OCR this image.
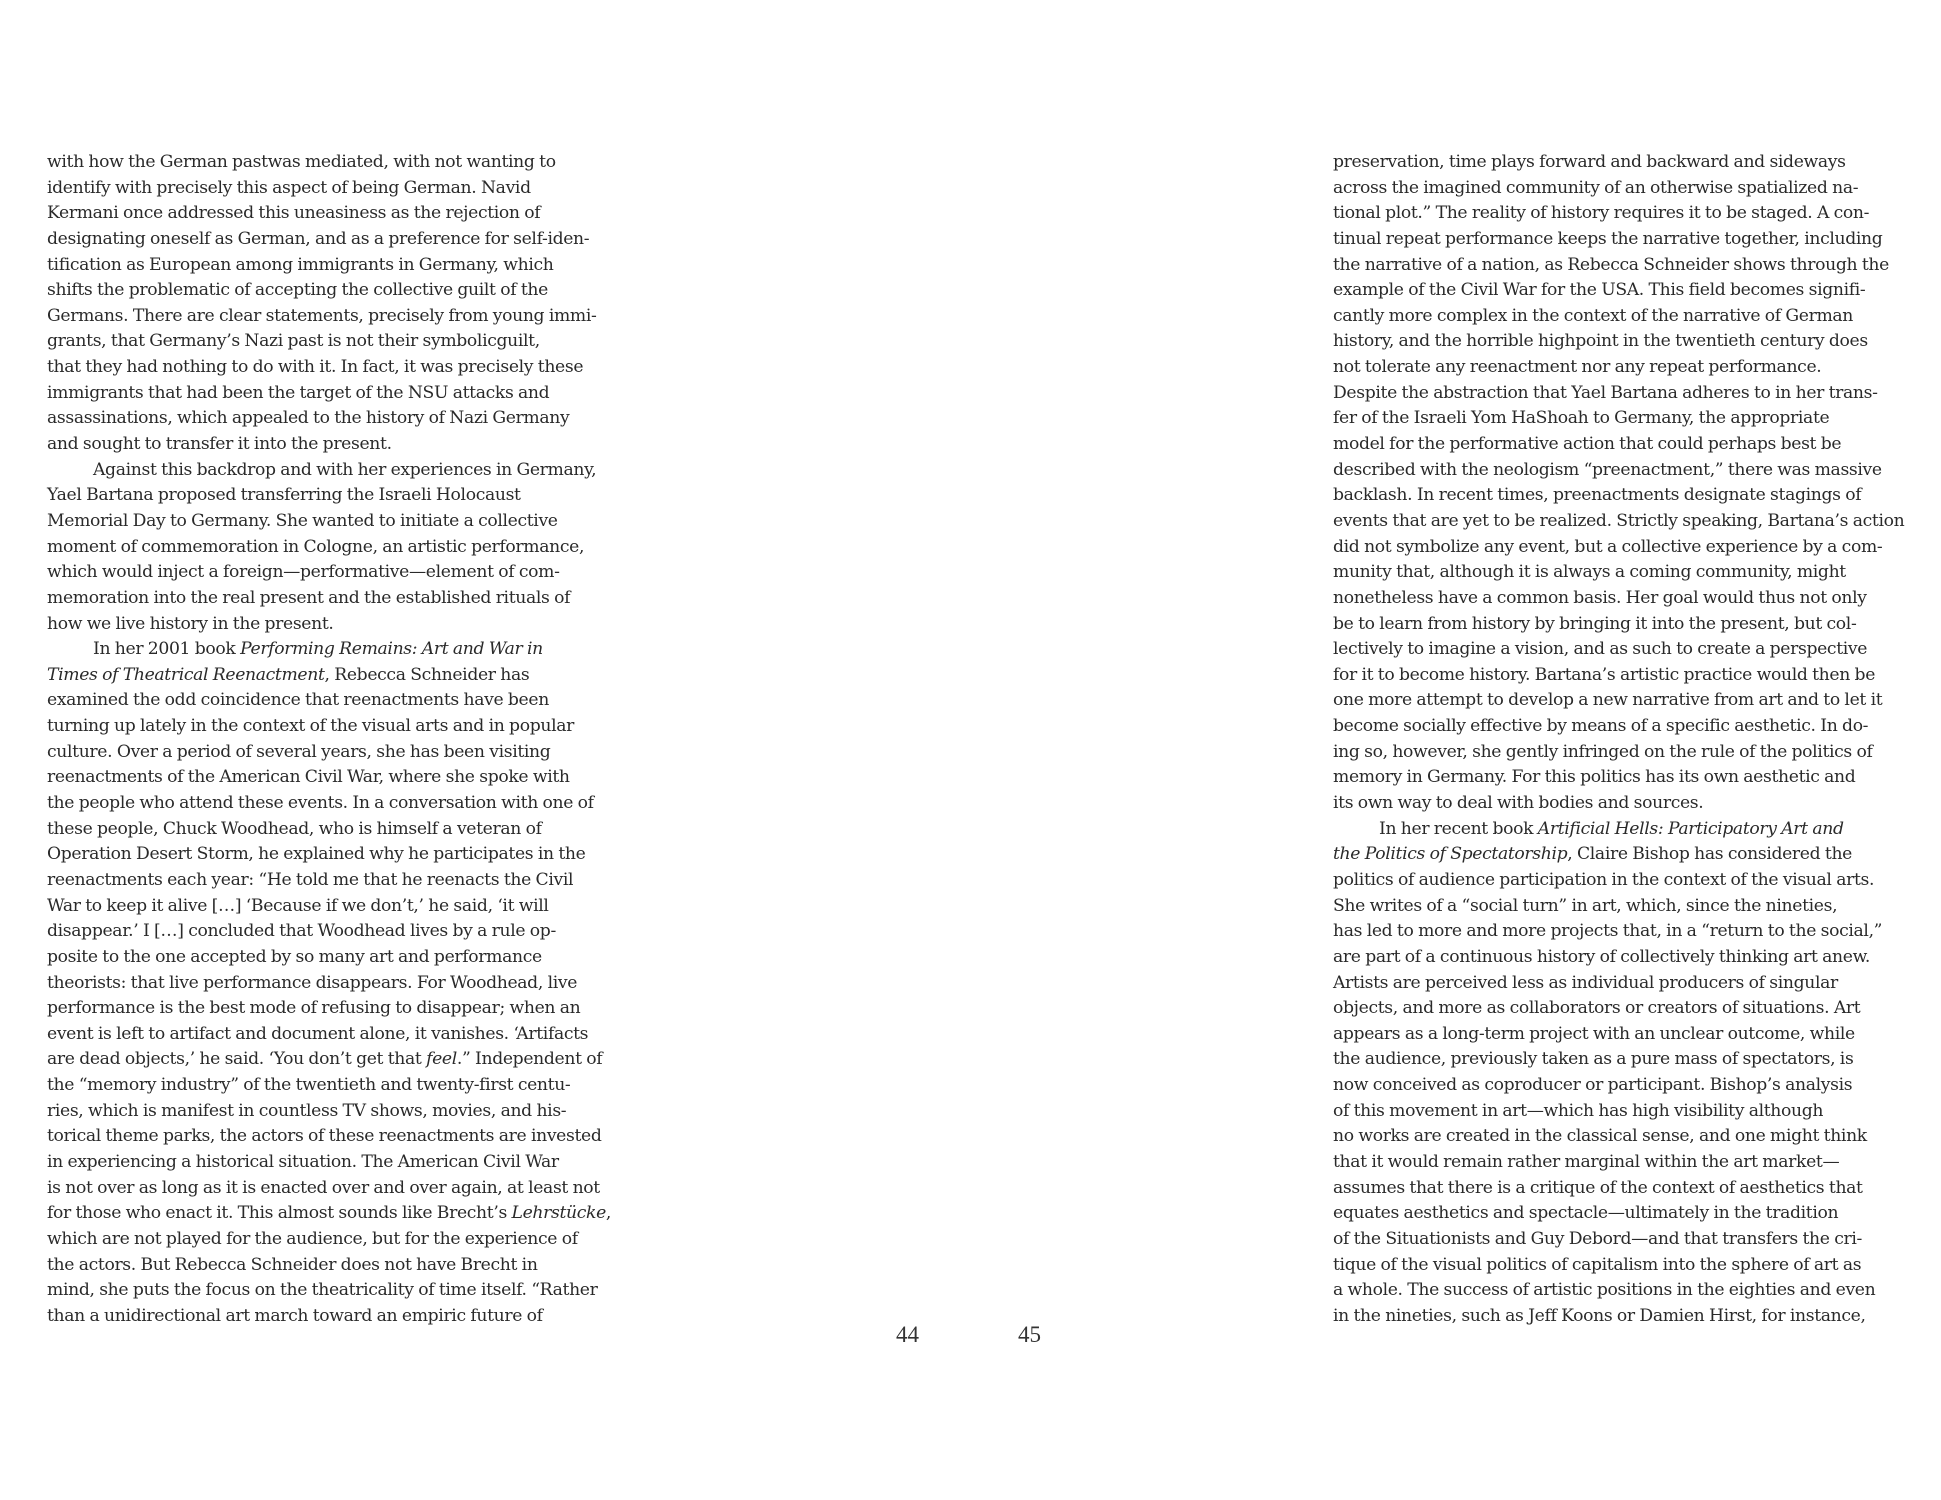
with how the German pastwas mediated, with not wanting to
identify with precisely this aspect of being German. Navid
Kermani once addressed this uneasiness as the rejection of
designating oneself as German, and as a preference for self-iden-
tification as European among immigrants in Germany, which
shifts the problematic of accepting the collective guilt of the
Germans. There are clear statements, precisely from young immi-
grants, that Germany’s Nazi past is not their symbolicguilt,
that they had nothing to do with it. In fact, it was precisely these
immigrants that had been the target of the NSU attacks and
assassinations, which appealed to the history of Nazi Germany
and sought to transfer it into the present.
Against this backdrop and with her experiences in Germany,
Yael Bartana proposed transferring the Israeli Holocaust
Memorial Day to Germany. She wanted to initiate a collective
moment of commemoration in Cologne, an artistic performance,
which would inject a foreign—performative—element of com-
memoration into the real present and the established rituals of
how we live history in the present.
In her 2001 book Performing Remains: Art and War in
Times of Theatrical Reenactment, Rebecca Schneider has
examined the odd coincidence that reenactments have been
turning up lately in the context of the visual arts and in popular
culture. Over a period of several years, she has been visiting
reenactments of the American Civil War, where she spoke with
the people who attend these events. In a conversation with one of
these people, Chuck Woodhead, who is himself a veteran of
Operation Desert Storm, he explained why he participates in the
reenactments each year: “He told me that he reenacts the Civil
War to keep it alive […] ‘Because if we don’t,’ he said, ‘it will
disappear.’ I […] concluded that Woodhead lives by a rule op-
posite to the one accepted by so many art and performance
theorists: that live performance disappears. For Woodhead, live
performance is the best mode of refusing to disappear; when an
event is left to artifact and document alone, it vanishes. ‘Artifacts
are dead objects,’ he said. ‘You don’t get that feel.” Independent of
the “memory industry” of the twentieth and twenty-first centu-
ries, which is manifest in countless TV shows, movies, and his-
torical theme parks, the actors of these reenactments are invested
in experiencing a historical situation. The American Civil War
is not over as long as it is enacted over and over again, at least not
for those who enact it. This almost sounds like Brecht’s Lehrstücke,
which are not played for the audience, but for the experience of
the actors. But Rebecca Schneider does not have Brecht in
mind, she puts the focus on the theatricality of time itself. “Rather
than a unidirectional art march toward an empiric future of
preservation, time plays forward and backward and sideways
across the imagined community of an otherwise spatialized na-
tional plot.” The reality of history requires it to be staged. A con-
tinual repeat performance keeps the narrative together, including
the narrative of a nation, as Rebecca Schneider shows through the
example of the Civil War for the USA. This field becomes signifi-
cantly more complex in the context of the narrative of German
history, and the horrible highpoint in the twentieth century does
not tolerate any reenactment nor any repeat performance.
Despite the abstraction that Yael Bartana adheres to in her trans-
fer of the Israeli Yom HaShoah to Germany, the appropriate
model for the performative action that could perhaps best be
described with the neologism “preenactment,” there was massive
backlash. In recent times, preenactments designate stagings of
events that are yet to be realized. Strictly speaking, Bartana’s action
did not symbolize any event, but a collective experience by a com-
munity that, although it is always a coming community, might
nonetheless have a common basis. Her goal would thus not only
be to learn from history by bringing it into the present, but col-
lectively to imagine a vision, and as such to create a perspective
for it to become history. Bartana’s artistic practice would then be
one more attempt to develop a new narrative from art and to let it
become socially effective by means of a specific aesthetic. In do-
ing so, however, she gently infringed on the rule of the politics of
memory in Germany. For this politics has its own aesthetic and
its own way to deal with bodies and sources.
In her recent book Artificial Hells: Participatory Art and
the Politics of Spectatorship, Claire Bishop has considered the
politics of audience participation in the context of the visual arts.
She writes of a “social turn” in art, which, since the nineties,
has led to more and more projects that, in a “return to the social,”
are part of a continuous history of collectively thinking art anew.
Artists are perceived less as individual producers of singular
objects, and more as collaborators or creators of situations. Art
appears as a long-term project with an unclear outcome, while
the audience, previously taken as a pure mass of spectators, is
now conceived as coproducer or participant. Bishop’s analysis
of this movement in art—which has high visibility although
no works are created in the classical sense, and one might think
that it would remain rather marginal within the art market—
assumes that there is a critique of the context of aesthetics that
equates aesthetics and spectacle—ultimately in the tradition
of the Situationists and Guy Debord—and that transfers the cri-
tique of the visual politics of capitalism into the sphere of art as
a whole. The success of artistic positions in the eighties and even
in the nineties, such as Jeff Koons or Damien Hirst, for instance,
44	45
